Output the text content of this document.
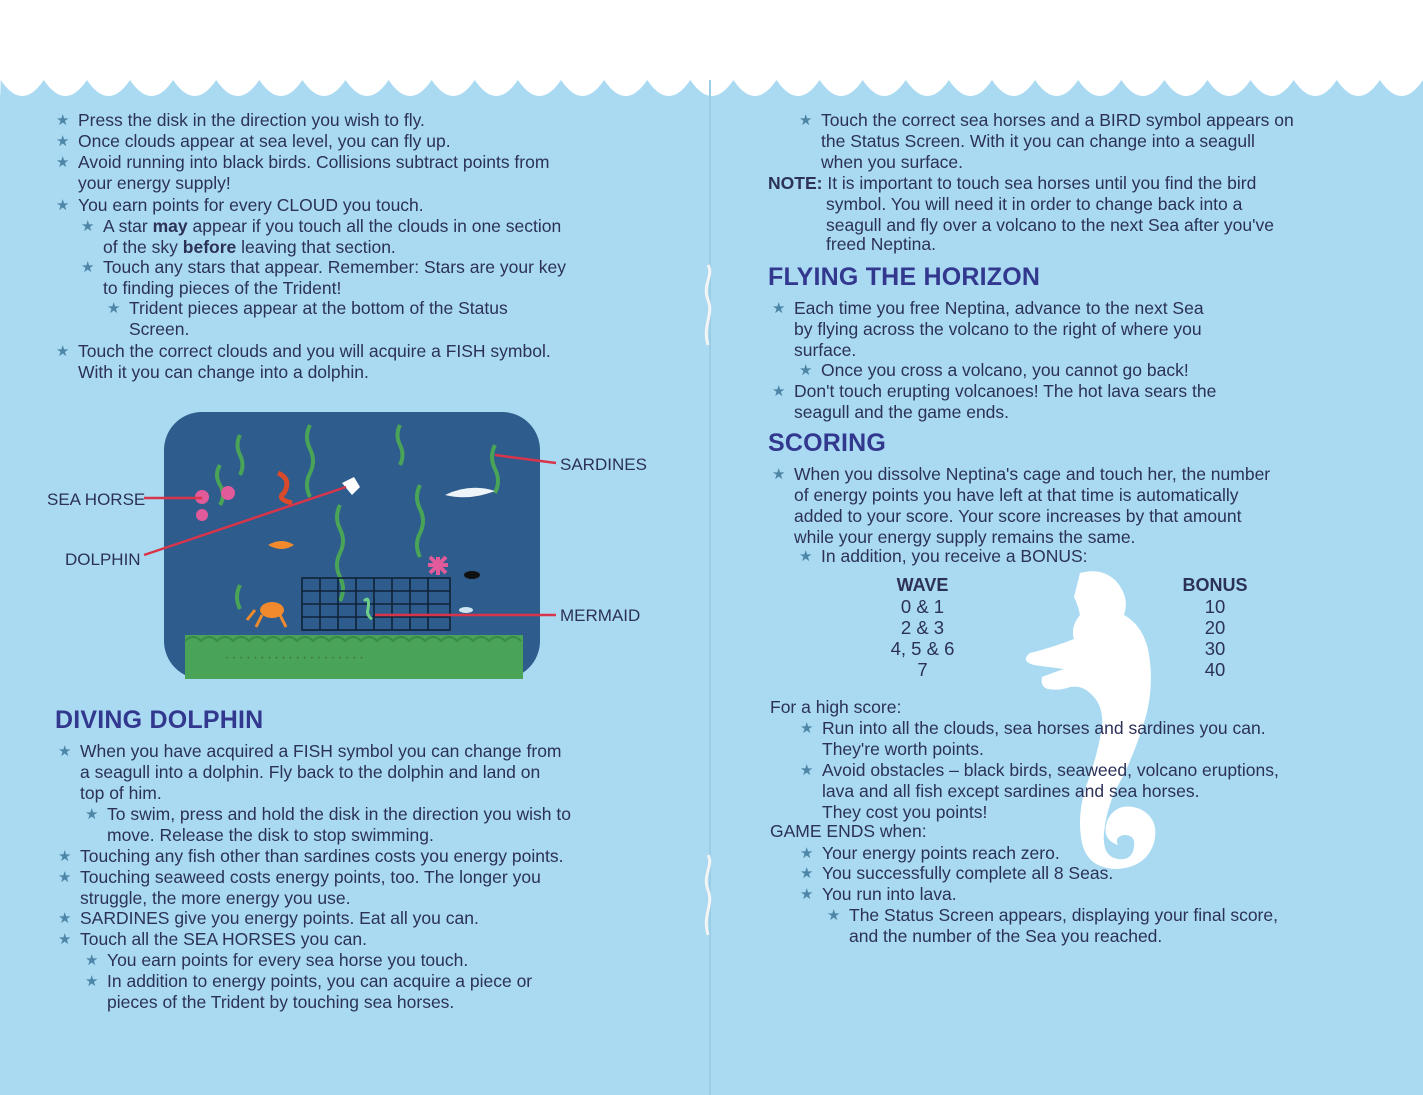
★ Press the disk in the direction you wish to fly.
★ Once clouds appear at sea level, you can fly up.
★ Avoid running into black birds. Collisions subtract points from
your energy supply!
★ You earn points for every CLOUD you touch.
★ A star may appear if you touch all the clouds in one section
of the sky before leaving that section.
★ Touch any stars that appear. Remember: Stars are your key
to finding pieces of the Trident!
★ Trident pieces appear at the bottom of the Status
Screen.
★ Touch the correct clouds and you will acquire a FISH symbol.
With it you can change into a dolphin.
ᐩ ᐩ ᐩ ᐩ ᐩ ᐩ ᐩ ᐩ ᐩ ᐩ ᐩ ᐩ ᐩ ᐩ ᐩ ᐩ ᐩ ᐩ ᐩ ᐩ
SEA HORSE
DOLPHIN
SARDINES
MERMAID
DIVING DOLPHIN
★ When you have acquired a FISH symbol you can change from
a seagull into a dolphin. Fly back to the dolphin and land on
top of him.
★ To swim, press and hold the disk in the direction you wish to
move. Release the disk to stop swimming.
★ Touching any fish other than sardines costs you energy points.
★ Touching seaweed costs energy points, too. The longer you
struggle, the more energy you use.
★ SARDINES give you energy points. Eat all you can.
★ Touch all the SEA HORSES you can.
★ You earn points for every sea horse you touch.
★ In addition to energy points, you can acquire a piece or
pieces of the Trident by touching sea horses.
★ Touch the correct sea horses and a BIRD symbol appears on
the Status Screen. With it you can change into a seagull
when you surface.
NOTE: It is important to touch sea horses until you find the bird
symbol. You will need it in order to change back into a
seagull and fly over a volcano to the next Sea after you've
freed Neptina.
FLYING THE HORIZON
★ Each time you free Neptina, advance to the next Sea
by flying across the volcano to the right of where you
surface.
★ Once you cross a volcano, you cannot go back!
★ Don't touch erupting volcanoes! The hot lava sears the
seagull and the game ends.
SCORING
★ When you dissolve Neptina's cage and touch her, the number
of energy points you have left at that time is automatically
added to your score. Your score increases by that amount
while your energy supply remains the same.
★ In addition, you receive a BONUS:
WAVE
0 & 1
2 & 3
4, 5 & 6
7
BONUS
10
20
30
40
For a high score:
★ Run into all the clouds, sea horses and sardines you can.
They're worth points.
★ Avoid obstacles – black birds, seaweed, volcano eruptions,
lava and all fish except sardines and sea horses.
They cost you points!
GAME ENDS when:
★ Your energy points reach zero.
★ You successfully complete all 8 Seas.
★ You run into lava.
★ The Status Screen appears, displaying your final score,
and the number of the Sea you reached.
